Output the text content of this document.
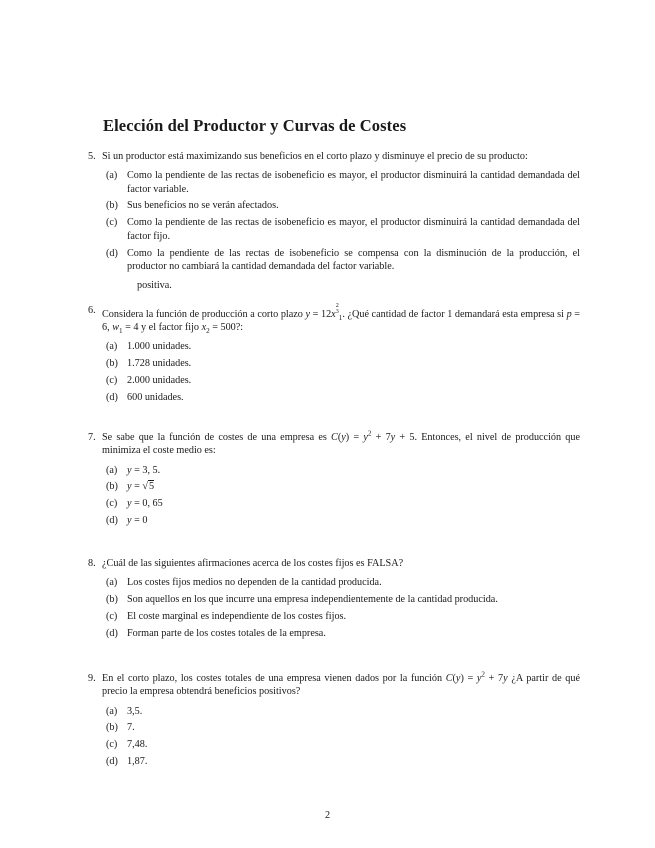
Elección del Productor y Curvas de Costes
5. Si un productor está maximizando sus beneficios en el corto plazo y disminuye el precio de su producto:
(a) Como la pendiente de las rectas de isobeneficio es mayor, el productor disminuirá la cantidad demandada del factor variable.
(b) Sus beneficios no se verán afectados.
(c) Como la pendiente de las rectas de isobeneficio es mayor, el productor disminuirá la cantidad demandada del factor fijo.
(d) Como la pendiente de las rectas de isobeneficio se compensa con la disminución de la producción, el productor no cambiará la cantidad demandada del factor variable.
positiva.
6. Considera la función de producción a corto plazo y = 12x
2
3
$_1$. ¿Qué cantidad de factor 1 demandará esta empresa si p = 6, $w_1 = 4$ y el factor fijo $x_2 = 500$?:
(a) 1.000 unidades.
(b) 1.728 unidades.
(c) 2.000 unidades.
(d) 600 unidades.
7. Se sabe que la función de costes de una empresa es $C(y) = y^2 + 7y + 5$. Entonces, el nivel de producción que minimiza el coste medio es:
(a) y = 3, 5.
(b) y = √5
(c) y = 0, 65
(d) y = 0
8. ¿Cuál de las siguientes afirmaciones acerca de los costes fijos es FALSA?
(a) Los costes fijos medios no dependen de la cantidad producida.
(b) Son aquellos en los que incurre una empresa independientemente de la cantidad producida.
(c) El coste marginal es independiente de los costes fijos.
(d) Forman parte de los costes totales de la empresa.
9. En el corto plazo, los costes totales de una empresa vienen dados por la función $C(y) = y^2 + 7y$ ¿A partir de qué precio la empresa obtendrá beneficios positivos?
(a) 3,5.
(b) 7.
(c) 7,48.
(d) 1,87.
2
